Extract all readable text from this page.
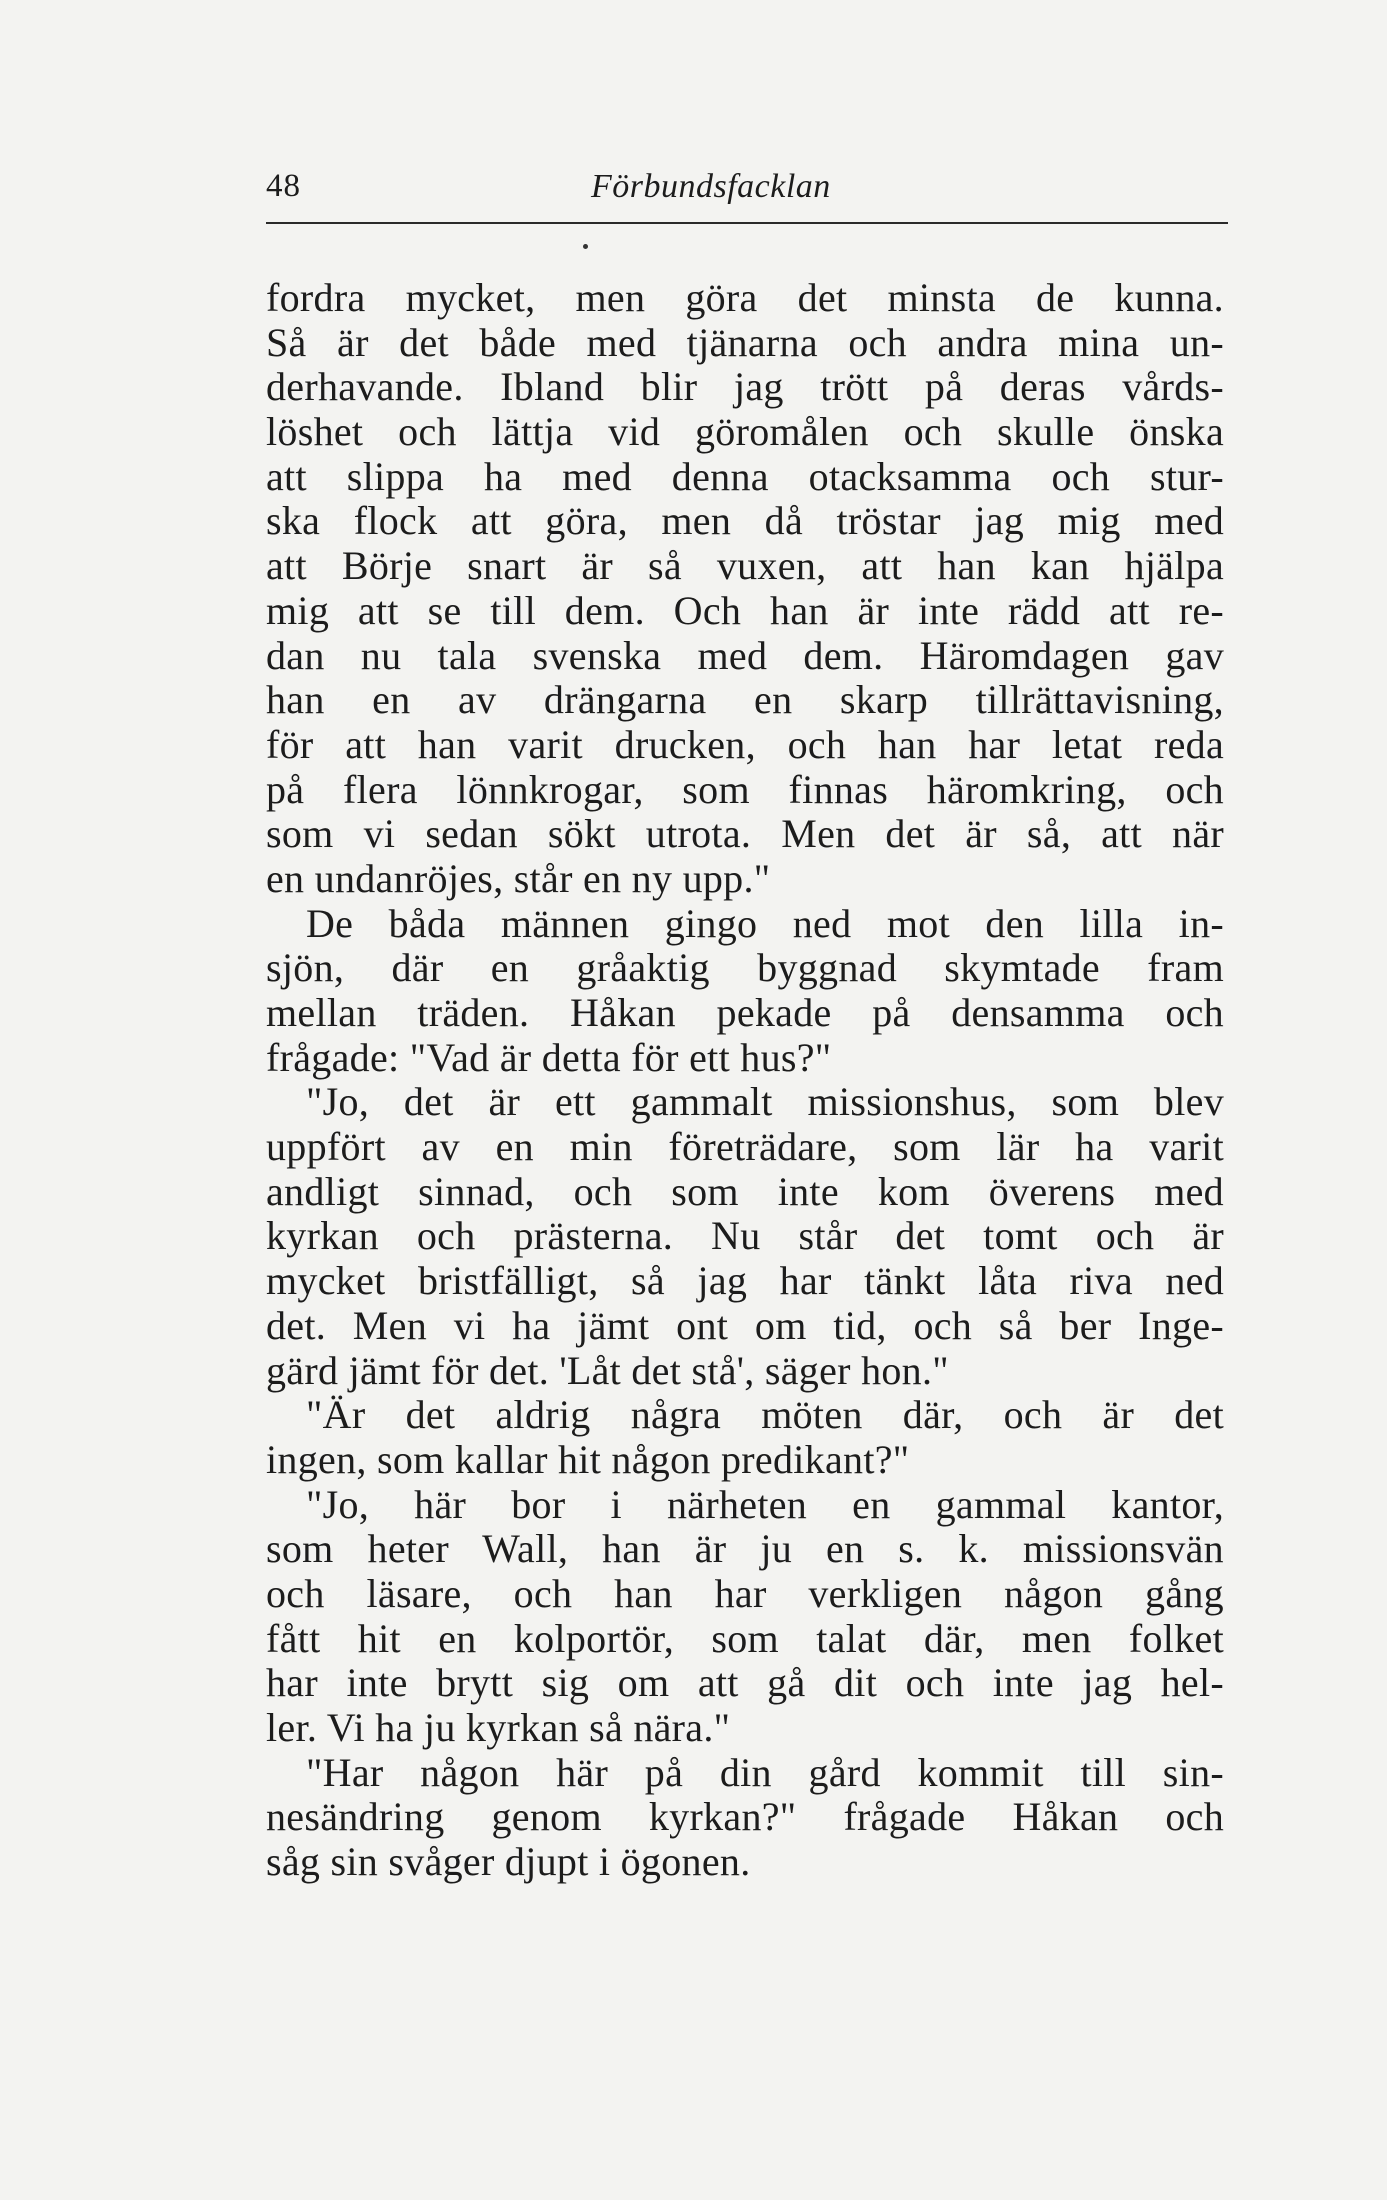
48	Förbundsfacklan
fordra mycket, men göra det minsta de kunna.
Så är det både med tjänarna och andra mina un-
derhavande. Ibland blir jag trött på deras vårds-
löshet och lättja vid göromålen och skulle önska
att slippa ha med denna otacksamma och stur-
ska flock att göra, men då tröstar jag mig med
att Börje snart är så vuxen, att han kan hjälpa
mig att se till dem. Och han är inte rädd att re-
dan nu tala svenska med dem. Häromdagen gav
han en av drängarna en skarp tillrättavisning,
för att han varit drucken, och han har letat reda
på flera lönnkrogar, som finnas häromkring, och
som vi sedan sökt utrota. Men det är så, att när
en undanröjes, står en ny upp."
De båda männen gingo ned mot den lilla in-
sjön, där en gråaktig byggnad skymtade fram
mellan träden. Håkan pekade på densamma och
frågade: "Vad är detta för ett hus?"
"Jo, det är ett gammalt missionshus, som blev
uppfört av en min företrädare, som lär ha varit
andligt sinnad, och som inte kom överens med
kyrkan och prästerna. Nu står det tomt och är
mycket bristfälligt, så jag har tänkt låta riva ned
det. Men vi ha jämt ont om tid, och så ber Inge-
gärd jämt för det. 'Låt det stå', säger hon."
"Är det aldrig några möten där, och är det
ingen, som kallar hit någon predikant?"
"Jo, här bor i närheten en gammal kantor,
som heter Wall, han är ju en s. k. missionsvän
och läsare, och han har verkligen någon gång
fått hit en kolportör, som talat där, men folket
har inte brytt sig om att gå dit och inte jag hel-
ler. Vi ha ju kyrkan så nära."
"Har någon här på din gård kommit till sin-
nesändring genom kyrkan?" frågade Håkan och
såg sin svåger djupt i ögonen.
